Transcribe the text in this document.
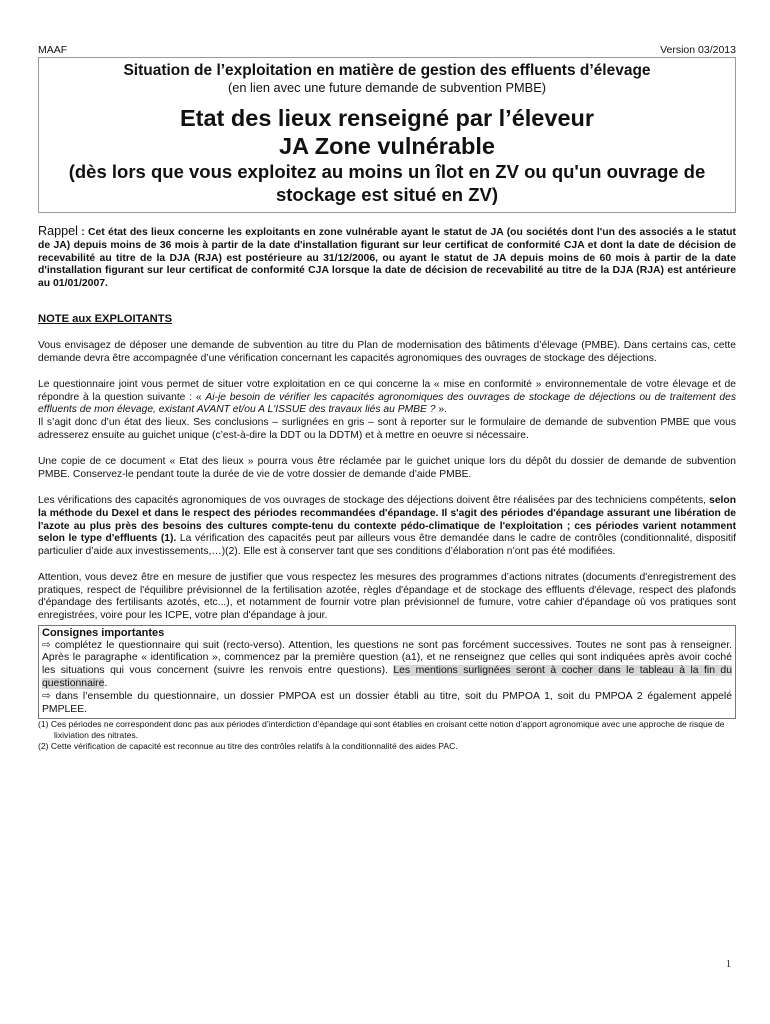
MAAF	Version 03/2013
Situation de l’exploitation en matière de gestion des effluents d’élevage
(en lien avec une future demande de subvention PMBE)
Etat des lieux renseigné par l’éleveur
JA Zone vulnérable
(dès lors que vous exploitez au moins un îlot en ZV ou qu'un ouvrage de stockage est situé en ZV)
Rappel : Cet état des lieux concerne les exploitants en zone vulnérable ayant le statut de JA (ou sociétés dont l'un des associés a le statut de JA) depuis moins de 36 mois à partir de la date d'installation figurant sur leur certificat de conformité CJA et dont la date de décision de recevabilité au titre de la DJA (RJA) est postérieure au 31/12/2006, ou ayant le statut de JA depuis moins de 60 mois à partir de la date d'installation figurant sur leur certificat de conformité CJA lorsque la date de décision de recevabilité au titre de la DJA (RJA) est antérieure au 01/01/2007.
NOTE aux EXPLOITANTS

Vous envisagez de déposer une demande de subvention au titre du Plan de modernisation des bâtiments d’élevage (PMBE). Dans certains cas, cette demande devra être accompagnée d’une vérification concernant les capacités agronomiques des ouvrages de stockage des déjections.

Le questionnaire joint vous permet de situer votre exploitation en ce qui concerne la « mise en conformité » environnementale de votre élevage et de répondre à la question suivante : « Ai-je besoin de vérifier les capacités agronomiques des ouvrages de stockage de déjections ou de traitement des effluents de mon élevage, existant AVANT et/ou A L'ISSUE des travaux liés au PMBE ? ».

Il s’agit donc d’un état des lieux. Ses conclusions – surlignées en gris – sont à reporter sur le formulaire de demande de subvention PMBE que vous adresserez ensuite au guichet unique (c’est-à-dire la DDT ou la DDTM) et à mettre en oeuvre si nécessaire.

Une copie de ce document « Etat des lieux » pourra vous être réclamée par le guichet unique lors du dépôt du dossier de demande de subvention PMBE. Conservez-le pendant toute la durée de vie de votre dossier de demande d’aide PMBE.

Les vérifications des capacités agronomiques de vos ouvrages de stockage des déjections doivent être réalisées par des techniciens compétents, selon la méthode du Dexel et dans le respect des périodes recommandées d'épandage. Il s'agit des périodes d'épandage assurant une libération de l'azote au plus près des besoins des cultures compte-tenu du contexte pédo-climatique de l'exploitation ; ces périodes varient notamment selon le type d'effluents (1). La vérification des capacités peut par ailleurs vous être demandée dans le cadre de contrôles (conditionnalité, dispositif particulier d’aide aux investissements,…)(2). Elle est à conserver tant que ses conditions d’élaboration n’ont pas été modifiées.

Attention, vous devez être en mesure de justifier que vous respectez les mesures des programmes d’actions nitrates (documents d'enregistrement des pratiques, respect de l'équilibre prévisionnel de la fertilisation azotée, règles d'épandage et de stockage des effluents d'élevage, respect des plafonds d'épandage des fertilisants azotés, etc...), et notamment de fournir votre plan prévisionnel de fumure, votre cahier d'épandage où vos pratiques sont enregistrées, voire pour les ICPE, votre plan d'épandage à jour.

Consignes importantes
⇨ complétez le questionnaire qui suit (recto-verso). Attention, les questions ne sont pas forcément successives. Toutes ne sont pas à renseigner. Après le paragraphe « identification », commencez par la première question (a1), et ne renseignez que celles qui sont indiquées après avoir coché les situations qui vous concernent (suivre les renvois entre questions). Les mentions surlignées seront à cocher dans le tableau à la fin du questionnaire.
⇨ dans l’ensemble du questionnaire, un dossier PMPOA est un dossier établi au titre, soit du PMPOA 1, soit du PMPOA 2 également appelé PMPLEE.
(1) Ces périodes ne correspondent donc pas aux périodes d’interdiction d’épandage qui sont établies en croisant cette notion d’apport agronomique avec une approche de risque de lixiviation des nitrates.
(2) Cette vérification de capacité est reconnue au titre des contrôles relatifs à la conditionnalité des aides PAC.
1
